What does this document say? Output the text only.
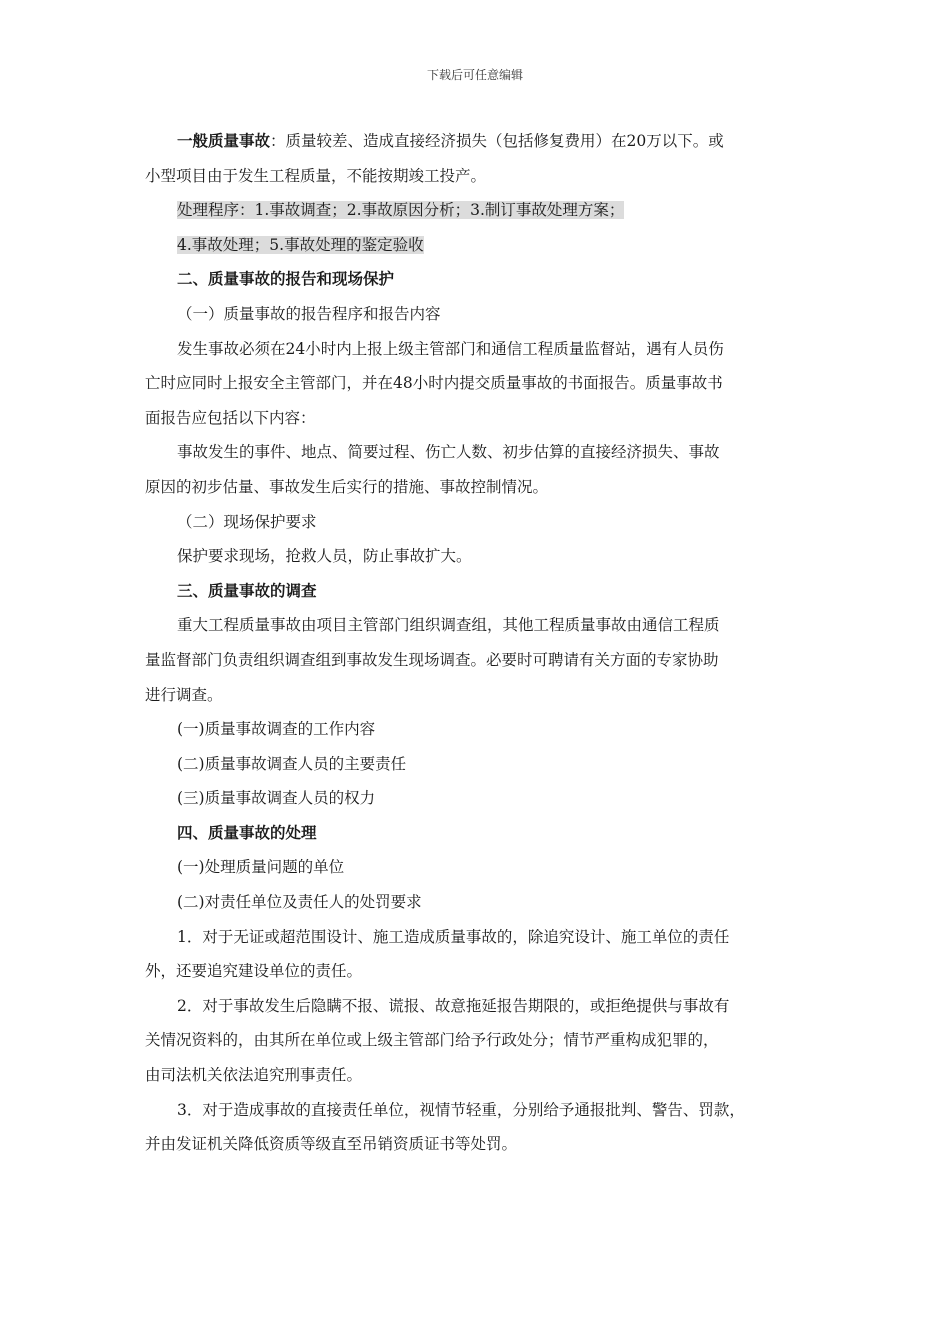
下载后可任意编辑

一般质量事故：质量较差、造成直接经济损失（包括修复费用）在20万以下。或

小型项目由于发生工程质量，不能按期竣工投产。

处理程序：1.事故调查；2.事故原因分析；3.制订事故处理方案；

4.事故处理；5.事故处理的鉴定验收

二、质量事故的报告和现场保护

（一）质量事故的报告程序和报告内容

发生事故必须在24小时内上报上级主管部门和通信工程质量监督站，遇有人员伤

亡时应同时上报安全主管部门，并在48小时内提交质量事故的书面报告。质量事故书

面报告应包括以下内容：

事故发生的事件、地点、简要过程、伤亡人数、初步估算的直接经济损失、事故

原因的初步估量、事故发生后实行的措施、事故控制情况。

（二）现场保护要求

保护要求现场，抢救人员，防止事故扩大。

三、质量事故的调查

重大工程质量事故由项目主管部门组织调查组，其他工程质量事故由通信工程质

量监督部门负责组织调查组到事故发生现场调查。必要时可聘请有关方面的专家协助

进行调查。

(一)质量事故调查的工作内容

(二)质量事故调查人员的主要责任

(三)质量事故调查人员的权力

四、质量事故的处理

(一)处理质量问题的单位

(二)对责任单位及责任人的处罚要求

1．对于无证或超范围设计、施工造成质量事故的，除追究设计、施工单位的责任

外，还要追究建设单位的责任。

2．对于事故发生后隐瞒不报、谎报、故意拖延报告期限的，或拒绝提供与事故有

关情况资料的，由其所在单位或上级主管部门给予行政处分；情节严重构成犯罪的，

由司法机关依法追究刑事责任。

3．对于造成事故的直接责任单位，视情节轻重，分别给予通报批判、警告、罚款，

并由发证机关降低资质等级直至吊销资质证书等处罚。
